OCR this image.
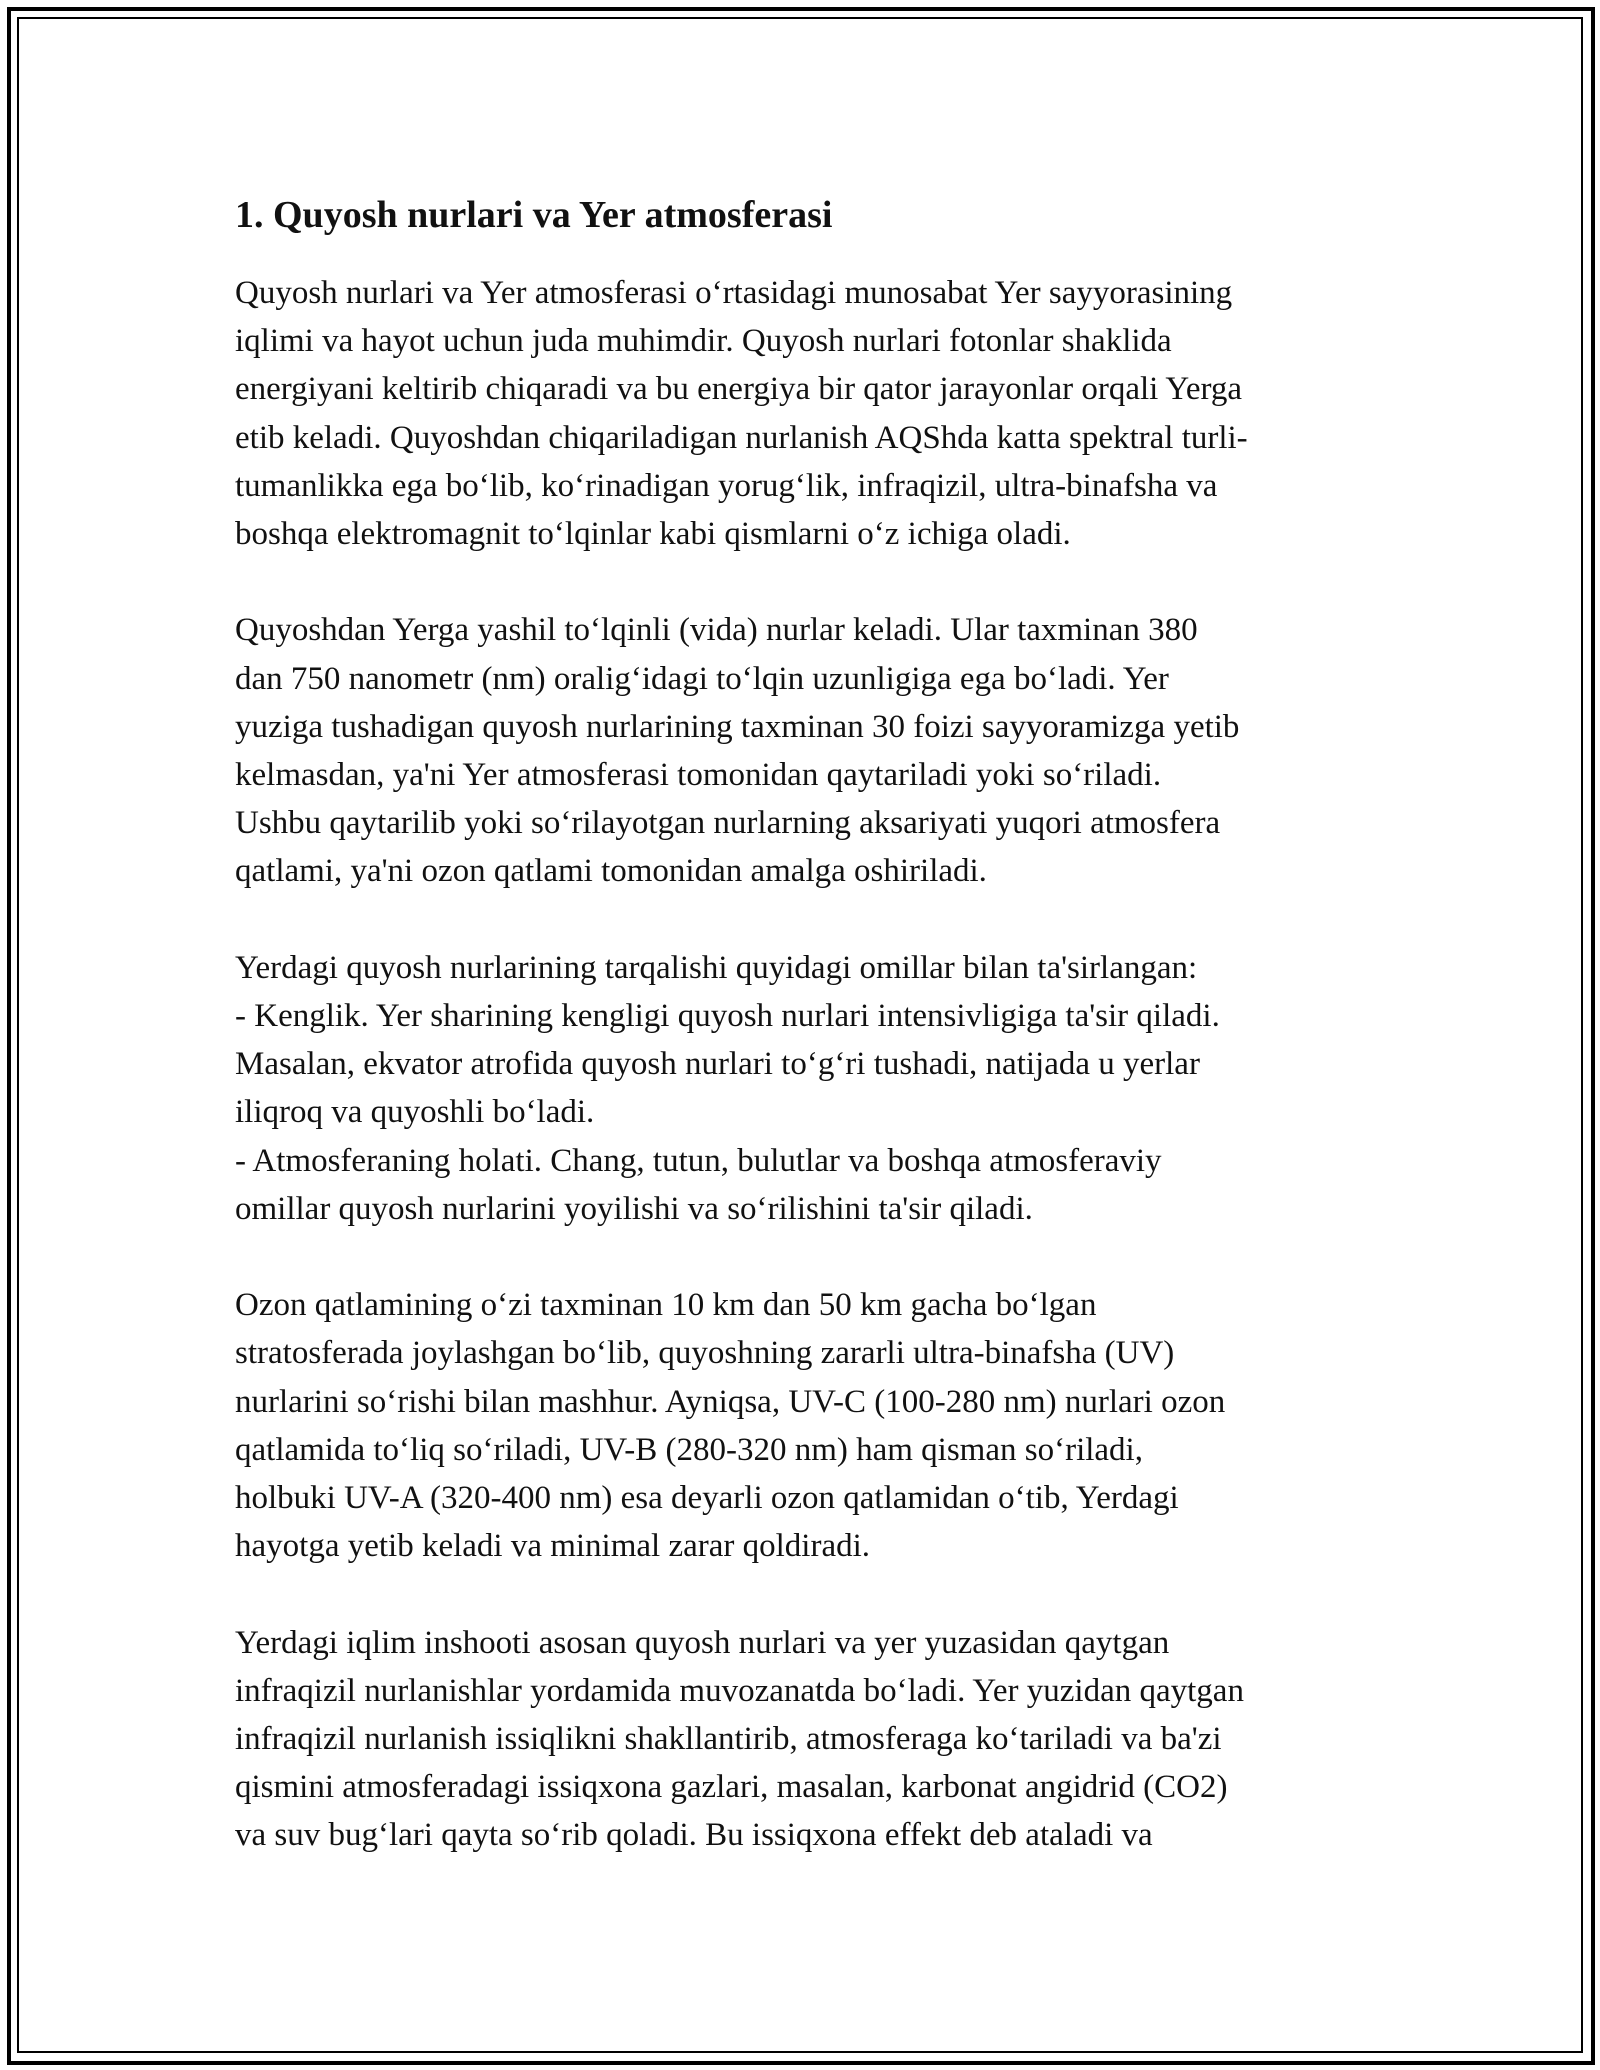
1. Quyosh nurlari va Yer atmosferasi

Quyosh nurlari va Yer atmosferasi o‘rtasidagi munosabat Yer sayyorasining
iqlimi va hayot uchun juda muhimdir. Quyosh nurlari fotonlar shaklida
energiyani keltirib chiqaradi va bu energiya bir qator jarayonlar orqali Yerga
etib keladi. Quyoshdan chiqariladigan nurlanish AQShda katta spektral turli-
tumanlikka ega bo‘lib, ko‘rinadigan yorug‘lik, infraqizil, ultra-binafsha va
boshqa elektromagnit to‘lqinlar kabi qismlarni o‘z ichiga oladi.

Quyoshdan Yerga yashil to‘lqinli (vida) nurlar keladi. Ular taxminan 380
dan 750 nanometr (nm) oralig‘idagi to‘lqin uzunligiga ega bo‘ladi. Yer
yuziga tushadigan quyosh nurlarining taxminan 30 foizi sayyoramizga yetib
kelmasdan, ya'ni Yer atmosferasi tomonidan qaytariladi yoki so‘riladi.
Ushbu qaytarilib yoki so‘rilayotgan nurlarning aksariyati yuqori atmosfera
qatlami, ya'ni ozon qatlami tomonidan amalga oshiriladi.

Yerdagi quyosh nurlarining tarqalishi quyidagi omillar bilan ta'sirlangan:
- Kenglik. Yer sharining kengligi quyosh nurlari intensivligiga ta'sir qiladi.
Masalan, ekvator atrofida quyosh nurlari to‘g‘ri tushadi, natijada u yerlar
iliqroq va quyoshli bo‘ladi.
- Atmosferaning holati. Chang, tutun, bulutlar va boshqa atmosferaviy
omillar quyosh nurlarini yoyilishi va so‘rilishini ta'sir qiladi.

Ozon qatlamining o‘zi taxminan 10 km dan 50 km gacha bo‘lgan
stratosferada joylashgan bo‘lib, quyoshning zararli ultra-binafsha (UV)
nurlarini so‘rishi bilan mashhur. Ayniqsa, UV-C (100-280 nm) nurlari ozon
qatlamida to‘liq so‘riladi, UV-B (280-320 nm) ham qisman so‘riladi,
holbuki UV-A (320-400 nm) esa deyarli ozon qatlamidan o‘tib, Yerdagi
hayotga yetib keladi va minimal zarar qoldiradi.

Yerdagi iqlim inshooti asosan quyosh nurlari va yer yuzasidan qaytgan
infraqizil nurlanishlar yordamida muvozanatda bo‘ladi. Yer yuzidan qaytgan
infraqizil nurlanish issiqlikni shakllantirib, atmosferaga ko‘tariladi va ba'zi
qismini atmosferadagi issiqxona gazlari, masalan, karbonat angidrid (CO2)
va suv bug‘lari qayta so‘rib qoladi. Bu issiqxona effekt deb ataladi va
